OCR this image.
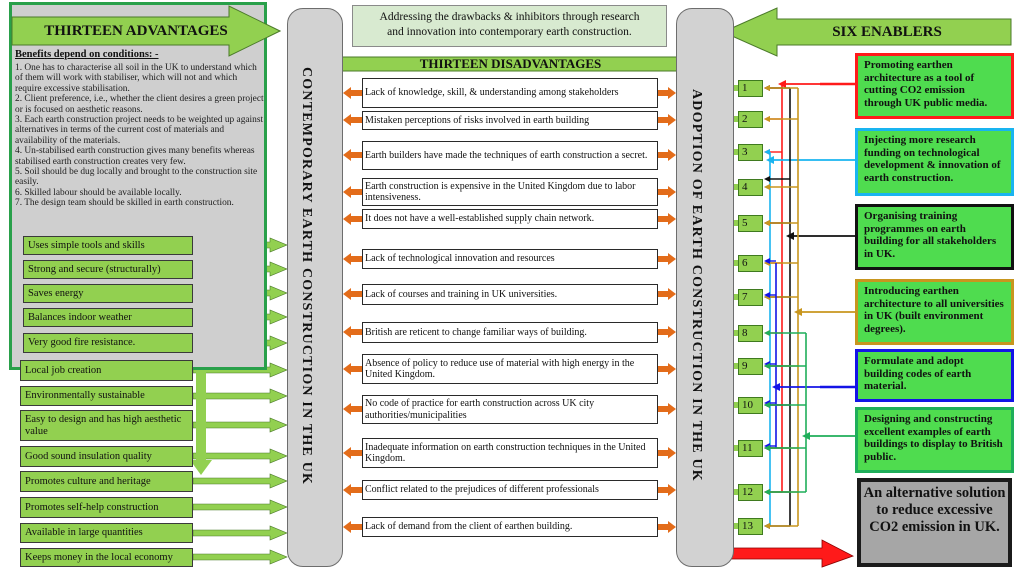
Benefits depend on conditions: -
1. One has to characterise all soil in the UK to understand which of them will work with stabiliser, which will not and which require excessive stabilisation.
2. Client preference, i.e., whether the client desires a green project or is focused on aesthetic reasons.
3. Each earth construction project needs to be weighted up against alternatives in terms of the current cost of materials and availability of the materials.
4. Un-stabilised earth construction gives many benefits whereas stabilised earth construction creates very few.
5. Soil should be dug locally and brought to the construction site easily.
6. Skilled labour should be available locally.
7. The design team should be skilled in earth construction.
THIRTEEN ADVANTAGES	SIX ENABLERS
Addressing the drawbacks & inhibitors through research
and innovation into contemporary earth construction.
THIRTEEN DISADVANTAGES
CONTEMPORARY EARTH CONSTRUCTION IN THE UK	ADOPTION OF EARTH CONSTRUCTION IN THE UK
Uses simple tools and skills
Strong and secure (structurally)
Saves energy
Balances indoor weather
Very good fire resistance.
Local job creation
Environmentally sustainable
Easy to design and has high aesthetic value
Good sound insulation quality
Promotes culture and heritage
Promotes self-help construction
Available in large quantities
Keeps money in the local economy
Lack of knowledge, skill, & understanding among stakeholders
Mistaken perceptions of risks involved in earth building
Earth builders have made the techniques of earth construction a secret.
Earth construction is expensive in the United Kingdom due to labor intensiveness.
It does not have a well-established supply chain network.
Lack of technological innovation and resources
Lack of courses and training in UK universities.
British are reticent to change familiar ways of building.
Absence of policy to reduce use of material with high energy in the United Kingdom.
No code of practice for earth construction across UK city authorities/municipalities
Inadequate information on earth construction techniques in the United Kingdom.
Conflict related to the prejudices of different professionals
Lack of demand from the client of earthen building.
1
2
3
4
5
6
7
8
9
10
11
12
13
Promoting earthen architecture as a tool of cutting CO2 emission through UK public media.
Injecting more research funding on technological development & innovation of earth construction.
Organising training programmes on earth building for all stakeholders in UK.
Introducing earthen architecture to all universities in UK (built environment degrees).
Formulate and adopt building codes of earth material.
Designing and constructing excellent examples of earth buildings to display to British public.
An alternative solution to reduce excessive CO2 emission in UK.
